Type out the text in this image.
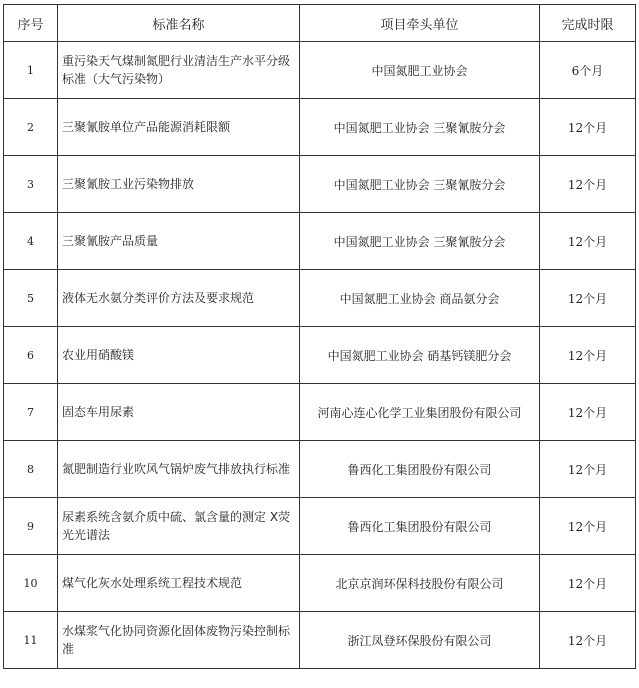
序号	标准名称	项目牵头单位	完成时限
1	重污染天气煤制氮肥行业清洁生产水平分级标准（大气污染物）	中国氮肥工业协会	6个月
2	三聚氰胺单位产品能源消耗限额	中国氮肥工业协会 三聚氰胺分会	12个月
3	三聚氰胺工业污染物排放	中国氮肥工业协会 三聚氰胺分会	12个月
4	三聚氰胺产品质量	中国氮肥工业协会 三聚氰胺分会	12个月
5	液体无水氨分类评价方法及要求规范	中国氮肥工业协会 商品氨分会	12个月
6	农业用硝酸镁	中国氮肥工业协会 硝基钙镁肥分会	12个月
7	固态车用尿素	河南心连心化学工业集团股份有限公司	12个月
8	氮肥制造行业吹风气锅炉废气排放执行标准	鲁西化工集团股份有限公司	12个月
9	尿素系统含氨介质中硫、氯含量的测定 X荧光光谱法	鲁西化工集团股份有限公司	12个月
10	煤气化灰水处理系统工程技术规范	北京京润环保科技股份有限公司	12个月
11	水煤浆气化协同资源化固体废物污染控制标准	浙江凤登环保股份有限公司	12个月
